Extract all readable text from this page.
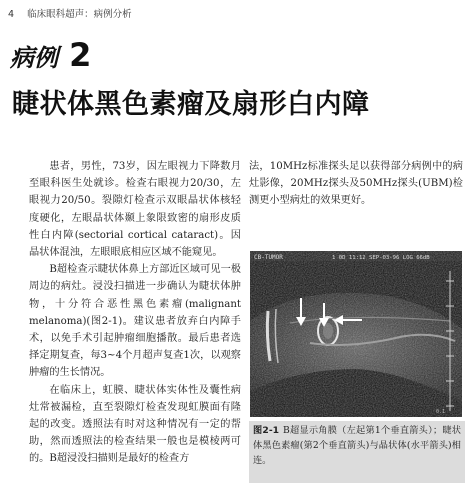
4 临床眼科超声：病例分析
病例 2
睫状体黑色素瘤及扇形白内障

患者，男性，73岁，因左眼视力下降数月至眼科医生处就诊。检查右眼视力20/30，左眼视力20/50。裂隙灯检查示双眼晶状体核轻度硬化，左眼晶状体颞上象限致密的扇形皮质性白内障(sectorial cortical cataract)。因晶状体混浊，左眼眼底相应区域不能窥见。

B超检查示睫状体鼻上方部近区域可见一极周边的病灶。浸没扫描进一步确认为睫状体肿物，十分符合恶性黑色素瘤(malignant melanoma)(图2-1)。建议患者放弃白内障手术，以免手术引起肿瘤细胞播散。最后患者选择定期复查，每3~4个月超声复查1次，以观察肿瘤的生长情况。

在临床上，虹膜、睫状体实体性及囊性病灶常被漏检，直至裂隙灯检查发现虹膜面有隆起的改变。透照法有时对这种情况有一定的帮助，然而透照法的检查结果一般也是模棱两可的。B超浸没扫描则是最好的检查方

法，10MHz标准探头足以获得部分病例中的病灶影像，20MHz探头及50MHz探头(UBM)检测更小型病灶的效果更好。

0.1
图2-1 B超显示角膜（左起第1个垂直箭头）；睫状体黑色素瘤(第2个垂直箭头)与晶状体(水平箭头)相连。
